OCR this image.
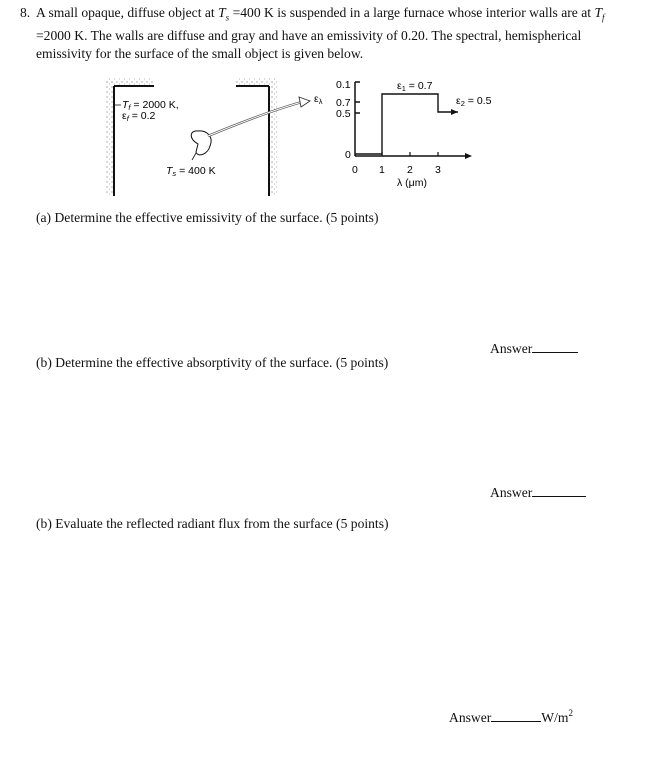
8. A small opaque, diffuse object at $T_s =400$ K is suspended in a large furnace whose interior walls are at $T_f =2000$ K. The walls are diffuse and gray and have an emissivity of 0.20. The spectral, hemispherical emissivity for the surface of the small object is given below.
Tf = 2000 K,
εf = 0.2
Ts = 400 K
ελ
0.1
0.7
0.5
0
ε1 = 0.7
ε2 = 0.5
0 1 2 3
λ (μm)
(a) Determine the effective emissivity of the surface. (5 points)
Answer
(b) Determine the effective absorptivity of the surface. (5 points)
Answer
(b) Evaluate the reflected radiant flux from the surface (5 points)
Answer	$W/m^2$
